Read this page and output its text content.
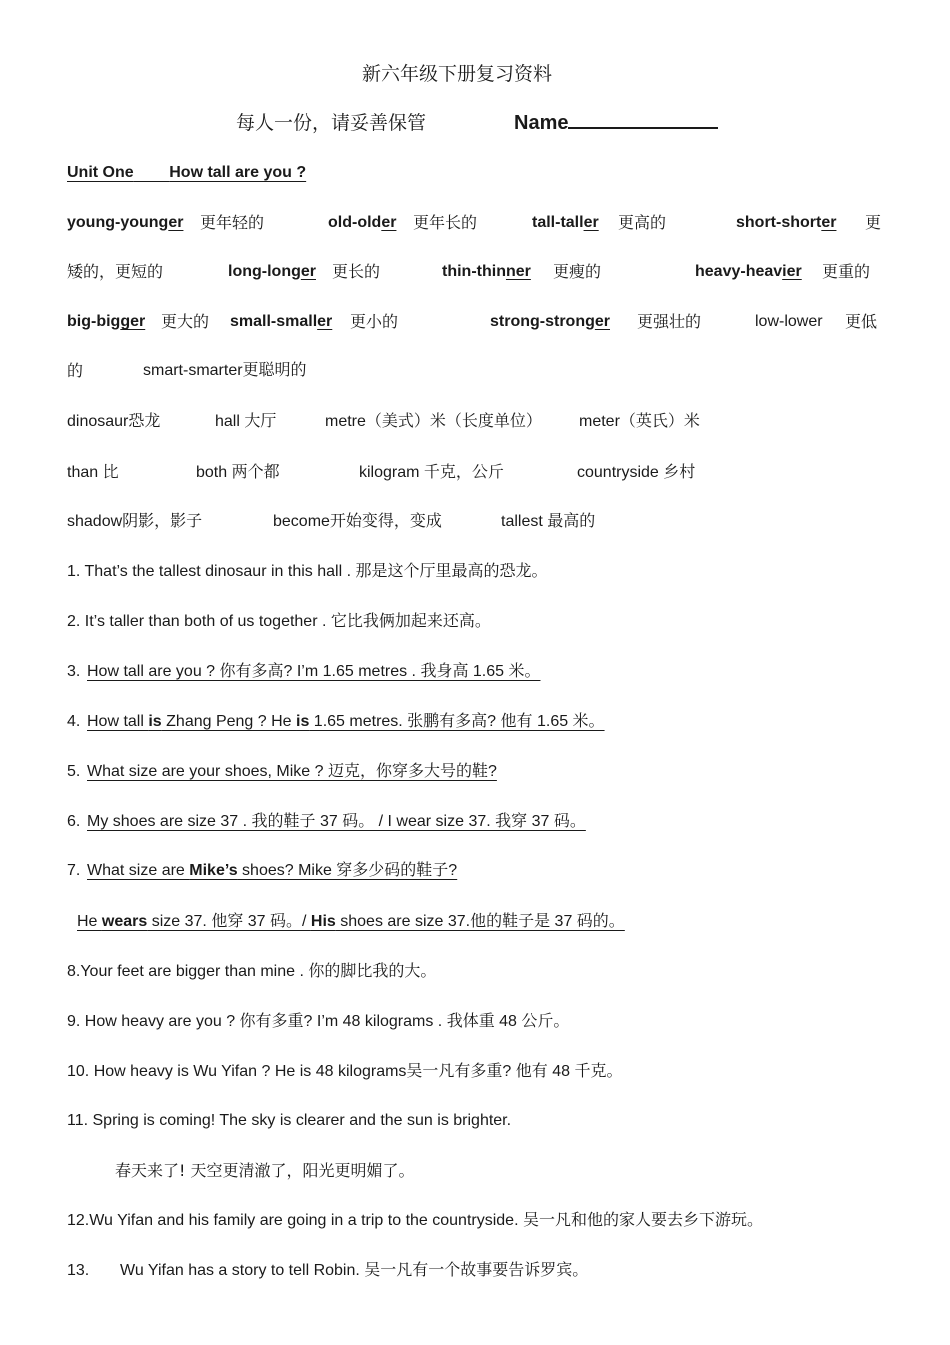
新六年级下册复习资料
每人一份，请妥善保管	Name
Unit One How tall are you ?
young-younger 更年轻的	old-older 更年长的	tall-taller 更高的	short-shorter 更
矮的，更短的	long-longer 更长的	thin-thinner 更瘦的	heavy-heavier 更重的
big-bigger 更大的 small-smaller 更小的	strong-stronger 更强壮的	low-lower 更低
的	smart-smarter更聪明的
dinosaur恐龙	hall 大厅	metre（美式）米（长度单位） meter（英氏）米
than 比	both 两个都	kilogram 千克，公斤	countryside 乡村
shadow阴影，影子	become开始变得，变成	tallest 最高的
1. That’s the tallest dinosaur in this hall . 那是这个厅里最高的恐龙。
2. It’s taller than both of us together . 它比我俩加起来还高。
3. How tall are you ? 你有多高? I’m 1.65 metres . 我身高 1.65 米。
4. How tall is Zhang Peng ? He is 1.65 metres. 张鹏有多高? 他有 1.65 米。
5. What size are your shoes, Mike ? 迈克，你穿多大号的鞋?
6. My shoes are size 37 . 我的鞋子 37 码。 / I wear size 37. 我穿 37 码。
7. What size are Mike’s shoes? Mike 穿多少码的鞋子?
He wears size 37. 他穿 37 码。/ His shoes are size 37.他的鞋子是 37 码的。
8.Your feet are bigger than mine . 你的脚比我的大。
9. How heavy are you ? 你有多重? I’m 48 kilograms . 我体重 48 公斤。
10. How heavy is Wu Yifan ? He is 48 kilograms吴一凡有多重? 他有 48 千克。
11. Spring is coming! The sky is clearer and the sun is brighter.
春天来了! 天空更清澈了，阳光更明媚了。
12.Wu Yifan and his family are going in a trip to the countryside. 吴一凡和他的家人要去乡下游玩。
13. Wu Yifan has a story to tell Robin. 吴一凡有一个故事要告诉罗宾。
